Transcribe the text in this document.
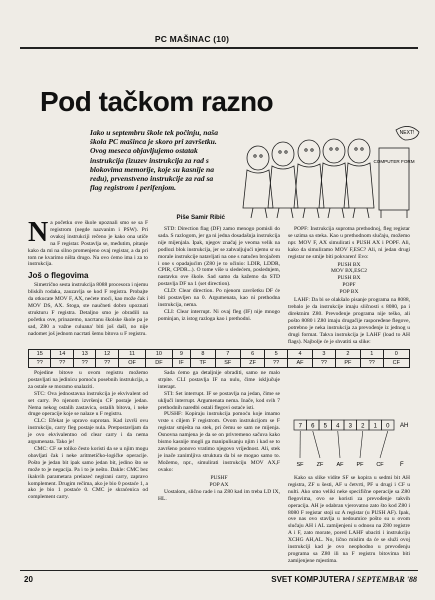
PC MAŠINAC (10)
Pod tačkom razno
Iako u septembru škole tek počinju, naša škola PC mašinca je skoro pri završetku. Ovog meseca objavljujemo ostatak instrukcija (izuzev instrukcija za rad s blokovima memorije, koje su kasnije na redu), prvenstveno instrukcije za rad sa flag registrom i perifenjom.
Piše Samir Ribić
COMPUTER FORM
NEXT!

Na početku ove škole upoznali smo se sa F registrom (negde nazvanim i PSW). Pri ovakoj instrukciji rečeno je kako ona utiče na F registar. Postavlja se, međutim, pitanje kako da mi na silno promenjeno ovaj registar, a da pri tom ne kvarimo ništa drugo. Na ovo ćemo ima i za to instrukcija.

Još o flegovima

Simetrično sesta instrukcija 8088 procesora i njemu bliskih rodaka, zauzavlja se kod F registra. Probajte da otkucate MOV F, AX, nećete moći, kao može čak i MOV DS, AX. Stoga, ste naučneti dobro upoznati strukturu F registra. Detaljno smo je obradili na početku ove, prinazemo, nacrtanu školske škole pa je sad, Z80 a važne culuana' biti još dašl, no nije nadomet još jednom nacrtati šemu bitova u F registru.

STD: Direction flag (DF) zamo menogo pomisli do sada. S razlogom, jer ga ni jedna dosadašnja instrukcija nije mijenjala. Ipak, njegov značaj je veoma velik na podlozi blok instrukcija, jer se zahvaljujući njemu sr su morale instrukcije natavljati na one s natučen brojačem i one s opadajućim (Z80 je to učinio: LDIR, LDDR, CPIR, CPDR...). O tome više u sledećem, poslednjem, nastavku ove škole. Sad samo da kažemo da STD postavlja DF na 1 (set direction).

CLD: Clear direction. Po njenom završetku DF će biti postavljen na 0. Argumenata, kao ni prethodna instrukcija, nema.

CLI: Clear interrupt. Ni ovaj fleg (IF) nije mnogo pominjan, iz istog razloga kao i prethodni.

POPF: Instrukcija suprotna prethodnoj, fleg registar se uzima sa steka. Kao u prethodnom slučaju, možemo npr. MOV F, AX simulirati s PUSH AX i POPF. Ali, kako da simuliramo MOV F,ESC? Ali, ni jedan drugi registar ne smije biti pokvaren! Evo:

PUSH BX
MOV BX,ESC2
PUSH BX
POPF
POP BX

LAHF: Da bi se olakšalo pisanje programa na 8088, trebalo je da instrukcije imaju sličnosti s 8080, pa i direktnim Z80. Prevođenje programa nije teško, ali pošto 8080 i Z80 imaju drugačije raspoređene flegove, potrebno je neka instrukcija za prevođenje iz jednog u drugi format. Takva instrukcija je LAHF (load to AH flags). Najbolje će je shvatiti sa slike:

15	14	13	12	11	10	9	8	7	6	5	4	3	2	1	0
??	??	??	??	OF	DF	IF	TF	SF	ZF	??	AF	??	PF	??	CF

Pojedine bitove u ovom registru možemo postavljati na jedinicu pomoću posebnih instrukcija, a za ostale se moramo snalaziti.

STC: Ova jednostavna instrukcija je ekvivalent od set carry. Po njenom izvršenju CF postaje jedan. Nema nekog ostalih zastavica, ostalih bitova, i neke druge operacije koje se nalaze u F registru.

CLC: Efekat je upravo suprotan. Kad izvrši ovu instrukciju, carry fleg postaje nula. Pretpostavljam da je ovo ekvivalentno od clear carry i da nema argumenata. Tako je!

CMC: CF se toliko često koristi da se u njim mogu obavljati čak i neke aritmetičko-logičke operacije. Pošto je jedan bit ipak samo jedan bit, jedino što se može to je negacija. Pa i to je nešto. Dakle: CMC bez ikakvih parametara prelazeć negirani carry, zapravo komplement. Drugim rečima, ako je bio 0 postaće 1, a ako je bio 1 postaće 0. CMC je skraćenica od complement carry.

Sada ćemo ga detaljnije obraditi, samo ne malo strpite. CLI postavlja IF na nulu, čime isključuje interapt.

STI: Set interrupt. IF se postavlja na jedan, čime se uključi interrupt. Argumenata nema. Inače, kod svih 7 prethodnih naredbi ostali flegovi ostaće isti.

PUSHF: Kopiraju instrukcija pomoću koje imamo vrste s ciljem F registrom. Ovom instrukcijom se F registar smješta na stek, pri čemu se sam ne mijenja. Osnovna namjena je da se on privremeno sačuva kako bismo kasnije mogli ga manipulisanju njim i kad se to završeno ponovo vratimo njegovo vrijednost. Ali, stek je inače zanimljiva struktura da bi se mogao samo to. Možemo, npr., simulirati instrukciju MOV AX,F ovako:

PUSHF
POP AX

Uostalom, slično rade i na Z80 kad im treba LD IX, HL.

7 6 5 4 3 2 1 0 AH
F
SF ZF AF PF CF

Kako sa slike vidite SF se kopira u sedmi bit AH registra, ZF u šesti, AF u četvrti, PF u drugi i CF u nulti. Ako smo veliki neke specifične operacije sa Z80 flegovima, ovo se koristi za prevođenje takvih operacija. AH je odabran vjerovatno zato što kod Z80 i 8080 F registar stoji uz A registar (u PUSH AF). Ipak, ove nas ovo stavlja u nedoumice pošto su u ovom slučaju AH i AL zamijenjeni u odnosu na Z80 registre A i F, zato morate, pored LAHF ubaciti i instrukciju XCHG AH,AL. No, lično mislim da će se služi ovoj instrukciji kad je ovo neophodno u prevođenju programa sa Z80 ili na F registru bitovima biti zamijenjene mjestima.

20	SVET KOMPJUTERA / SEPTEMBAR '88
